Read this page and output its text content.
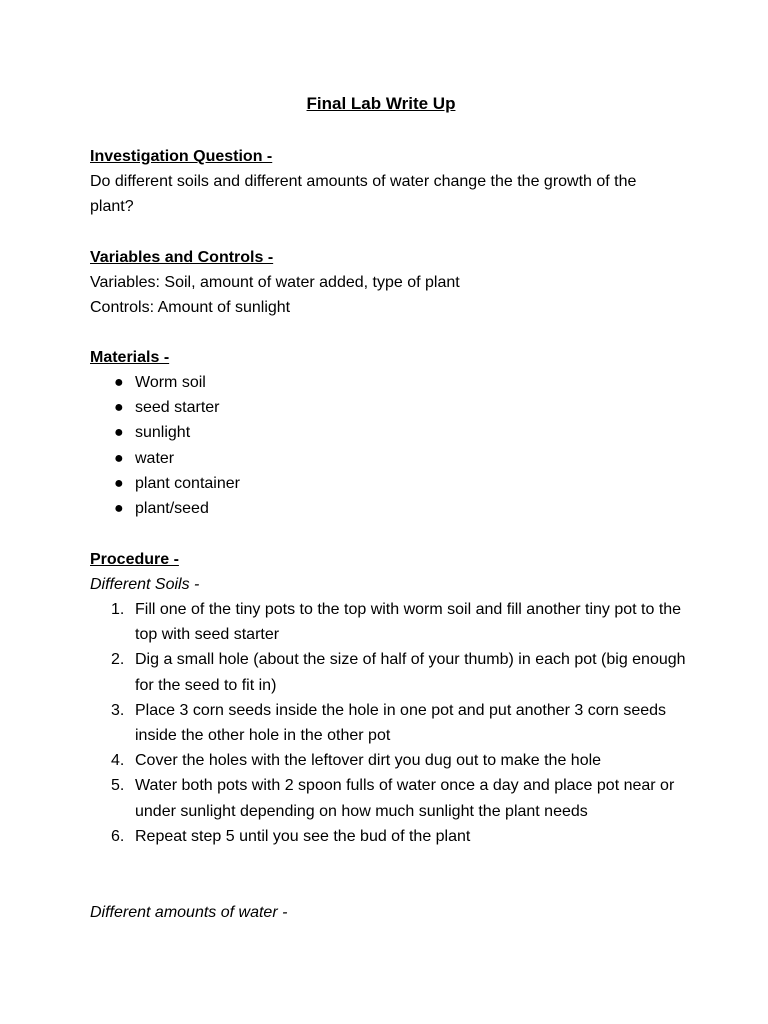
Final Lab Write Up
Investigation Question -
Do different soils and different amounts of water change the the growth of the plant?
Variables and Controls -
Variables: Soil, amount of water added, type of plant
Controls: Amount of sunlight
Materials -
● Worm soil
● seed starter
● sunlight
● water
● plant container
● plant/seed
Procedure -
Different Soils -
1. Fill one of the tiny pots to the top with worm soil and fill another tiny pot to the top with seed starter
2. Dig a small hole (about the size of half of your thumb) in each pot (big enough for the seed to fit in)
3. Place 3 corn seeds inside the hole in one pot and put another 3 corn seeds inside the other hole in the other pot
4. Cover the holes with the leftover dirt you dug out to make the hole
5. Water both pots with 2 spoon fulls of water once a day and place pot near or under sunlight depending on how much sunlight the plant needs
6. Repeat step 5 until you see the bud of the plant
Different amounts of water -
